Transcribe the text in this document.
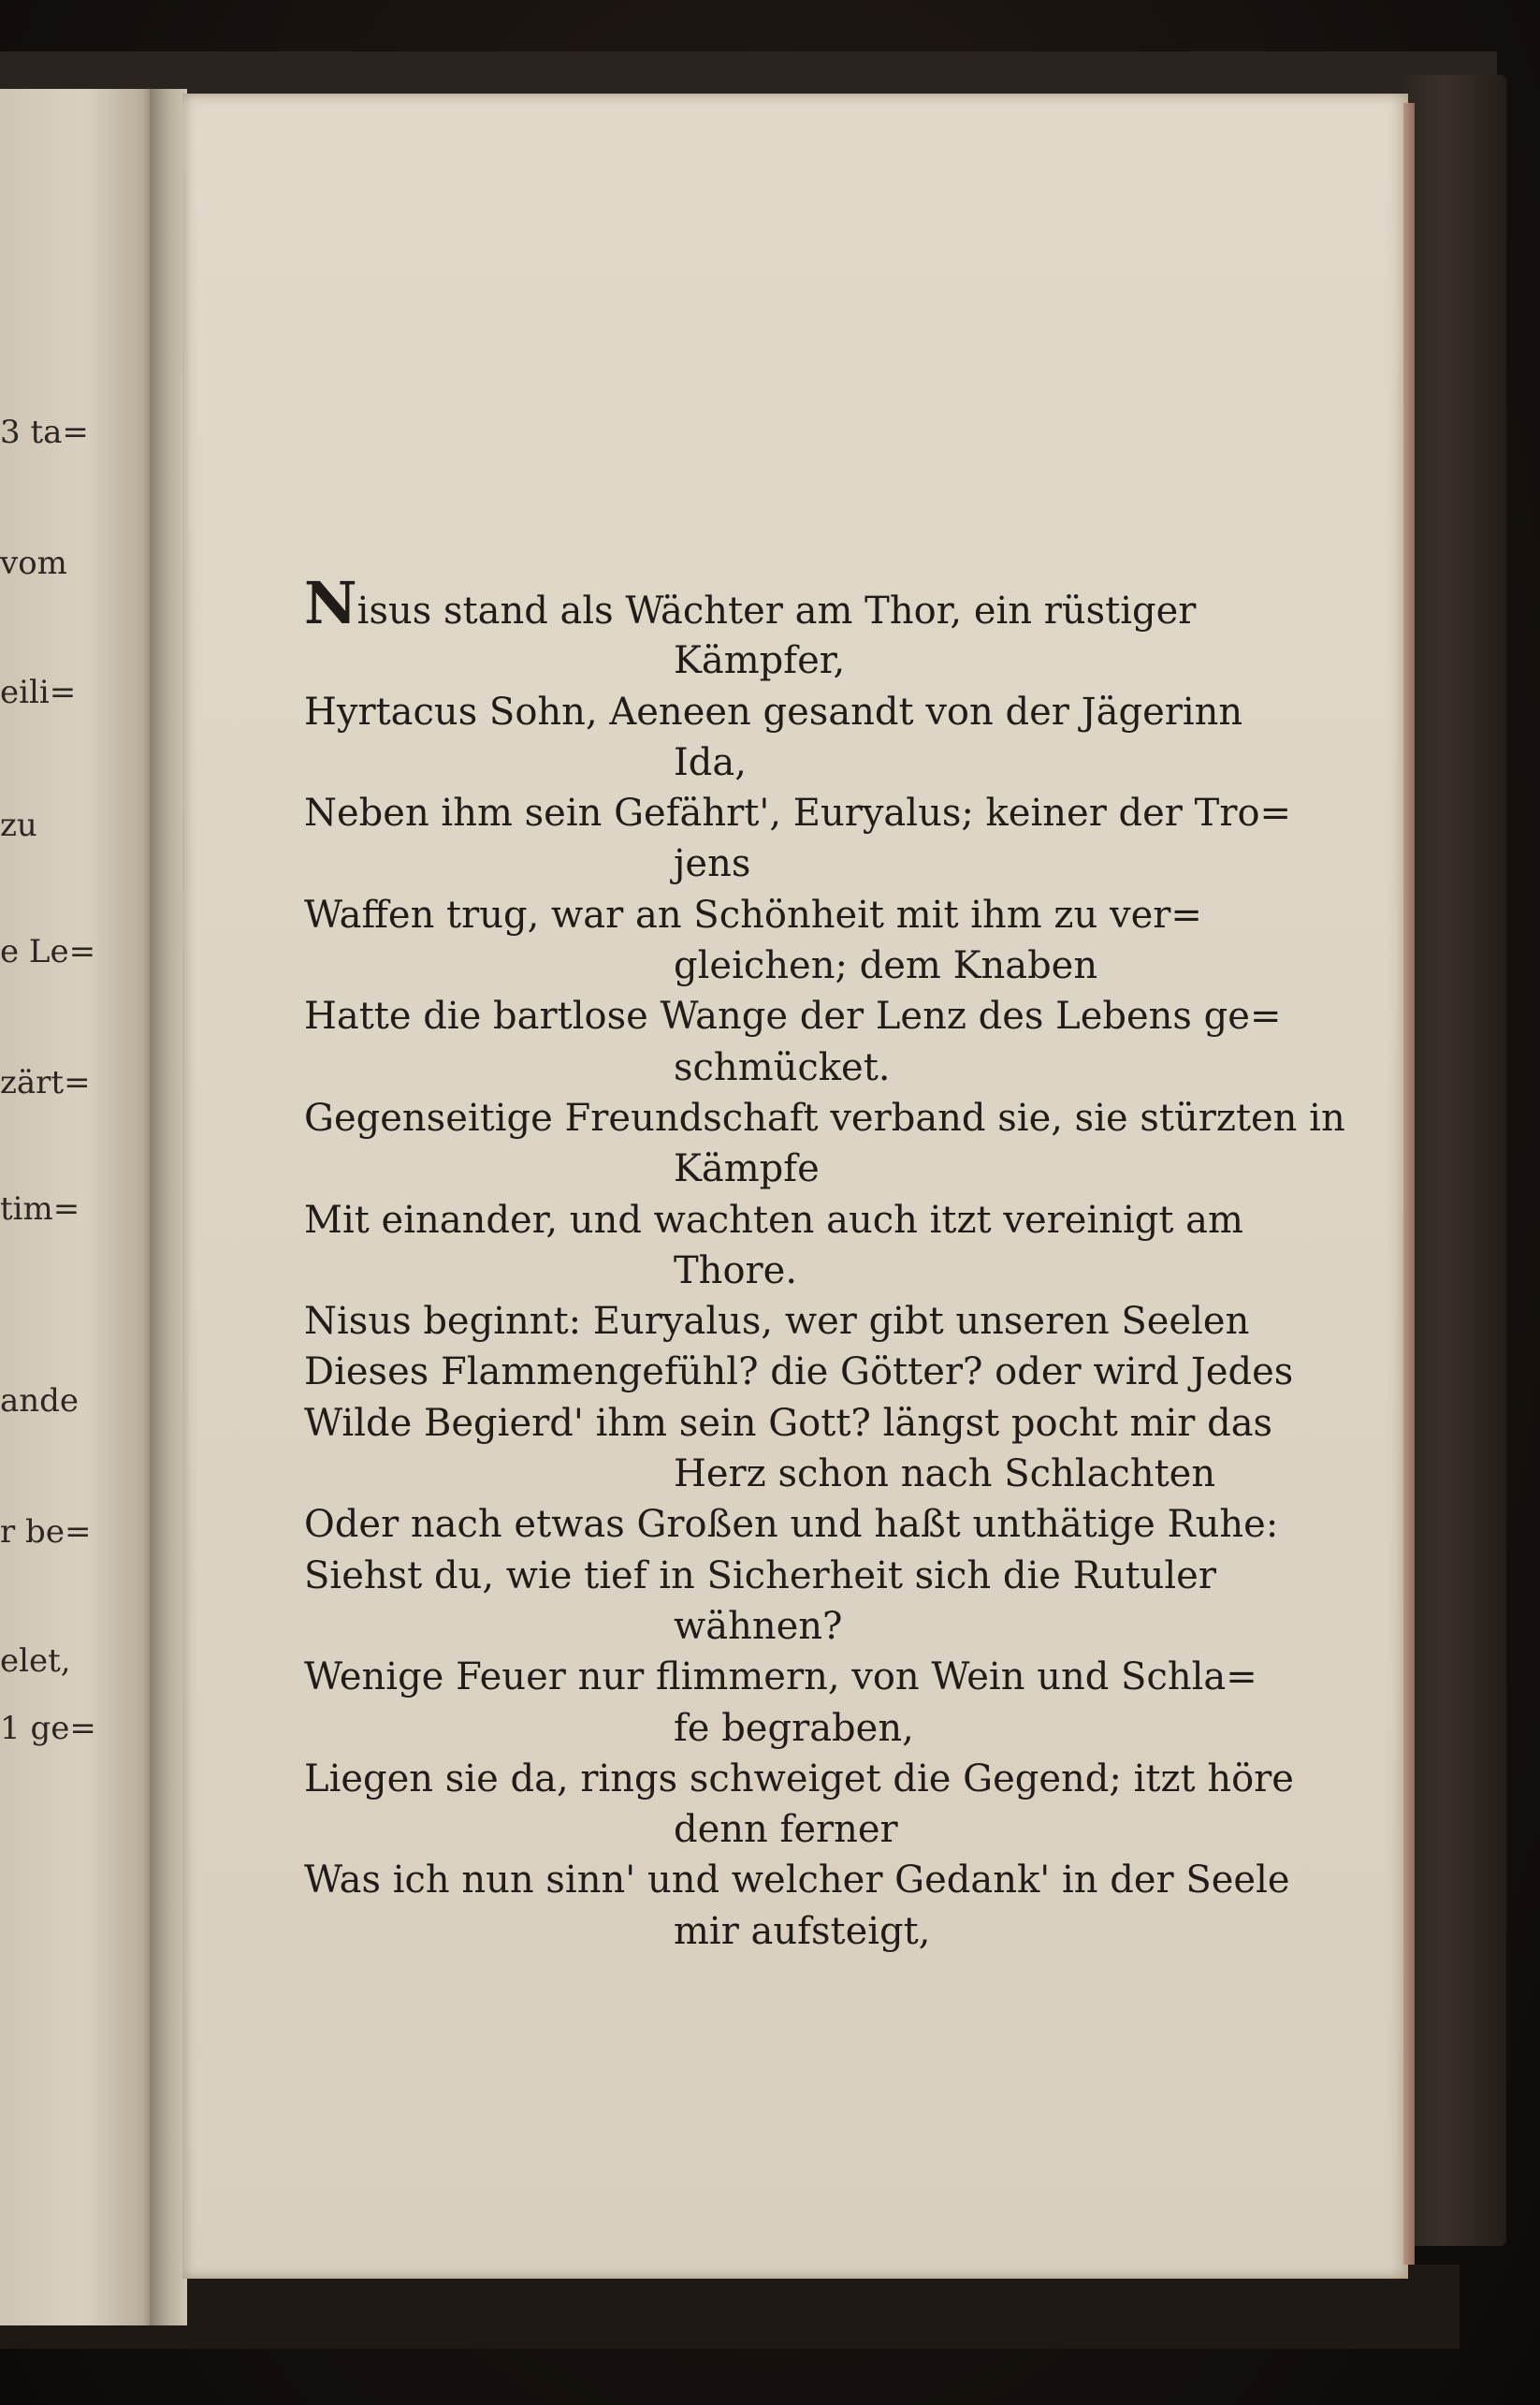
3 ta=
vom
eili=
zu
e Le=
zärt=
tim=
ande
r be=
elet,
1 ge=
Nisus stand als Wächter am Thor, ein rüstiger
Kämpfer,
Hyrtacus Sohn, Aeneen gesandt von der Jägerinn
Ida,
Neben ihm sein Gefährt', Euryalus; keiner der Tro=
jens
Waffen trug, war an Schönheit mit ihm zu ver=
gleichen; dem Knaben
Hatte die bartlose Wange der Lenz des Lebens ge=
schmücket.
Gegenseitige Freundschaft verband sie, sie stürzten in
Kämpfe
Mit einander, und wachten auch itzt vereinigt am
Thore.
Nisus beginnt: Euryalus, wer gibt unseren Seelen
Dieses Flammengefühl? die Götter? oder wird Jedes
Wilde Begierd' ihm sein Gott? längst pocht mir das
Herz schon nach Schlachten
Oder nach etwas Großen und haßt unthätige Ruhe:
Siehst du, wie tief in Sicherheit sich die Rutuler
wähnen?
Wenige Feuer nur flimmern, von Wein und Schla=
fe begraben,
Liegen sie da, rings schweiget die Gegend; itzt höre
denn ferner
Was ich nun sinn' und welcher Gedank' in der Seele
mir aufsteigt,
